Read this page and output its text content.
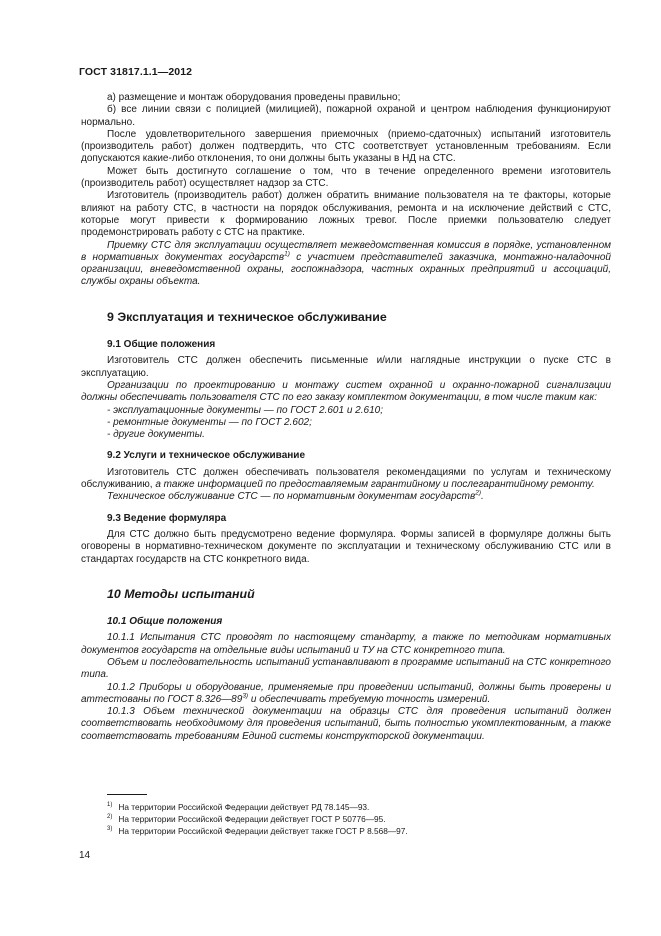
ГОСТ 31817.1.1—2012

а) размещение и монтаж оборудования проведены правильно;

б) все линии связи с полицией (милицией), пожарной охраной и центром наблюдения функционируют нормально.

После удовлетворительного завершения приемочных (приемо-сдаточных) испытаний изготовитель (производитель работ) должен подтвердить, что СТС соответствует установленным требованиям. Если допускаются какие-либо отклонения, то они должны быть указаны в НД на СТС.

Может быть достигнуто соглашение о том, что в течение определенного времени изготовитель (производитель работ) осуществляет надзор за СТС.

Изготовитель (производитель работ) должен обратить внимание пользователя на те факторы, которые влияют на работу СТС, в частности на порядок обслуживания, ремонта и на исключение действий с СТС, которые могут привести к формированию ложных тревог. После приемки пользователю следует продемонстрировать работу с СТС на практике.

Приемку СТС для эксплуатации осуществляет межведомственная комиссия в порядке, установленном в нормативных документах государств$^{1)}$ с участием представителей заказчика, монтажно-наладочной организации, вневедомственной охраны, госпожнадзора, частных охранных предприятий и ассоциаций, службы охраны объекта.

9 Эксплуатация и техническое обслуживание
9.1 Общие положения

Изготовитель СТС должен обеспечить письменные и/или наглядные инструкции о пуске СТС в эксплуатацию.

Организации по проектированию и монтажу систем охранной и охранно-пожарной сигнализации должны обеспечивать пользователя СТС по его заказу комплектом документации, в том числе таким как:

- эксплуатационные документы — по ГОСТ 2.601 и 2.610;

- ремонтные документы — по ГОСТ 2.602;

- другие документы.

9.2 Услуги и техническое обслуживание

Изготовитель СТС должен обеспечивать пользователя рекомендациями по услугам и техническому обслуживанию, а также информацией по предоставляемым гарантийному и послегарантийному ремонту.

Техническое обслуживание СТС — по нормативным документам государств$^{2)}$.

9.3 Ведение формуляра

Для СТС должно быть предусмотрено ведение формуляра. Формы записей в формуляре должны быть оговорены в нормативно-техническом документе по эксплуатации и техническому обслуживанию СТС или в стандартах государств на СТС конкретного вида.

10 Методы испытаний
10.1 Общие положения

10.1.1 Испытания СТС проводят по настоящему стандарту, а также по методикам нормативных документов государств на отдельные виды испытаний и ТУ на СТС конкретного типа.

Объем и последовательность испытаний устанавливают в программе испытаний на СТС конкретного типа.

10.1.2 Приборы и оборудование, применяемые при проведении испытаний, должны быть проверены и аттестованы по ГОСТ 8.326—89$^{3)}$ и обеспечивать требуемую точность измерений.

10.1.3 Объем технической документации на образцы СТС для проведения испытаний должен соответствовать необходимому для проведения испытаний, быть полностью укомплектованным, а также соответствовать требованиям Единой системы конструкторской документации.

$^{1)}$ На территории Российской Федерации действует РД 78.145—93.
$^{2)}$ На территории Российской Федерации действует ГОСТ Р 50776—95.
$^{3)}$ На территории Российской Федерации действует также ГОСТ Р 8.568—97.
14
